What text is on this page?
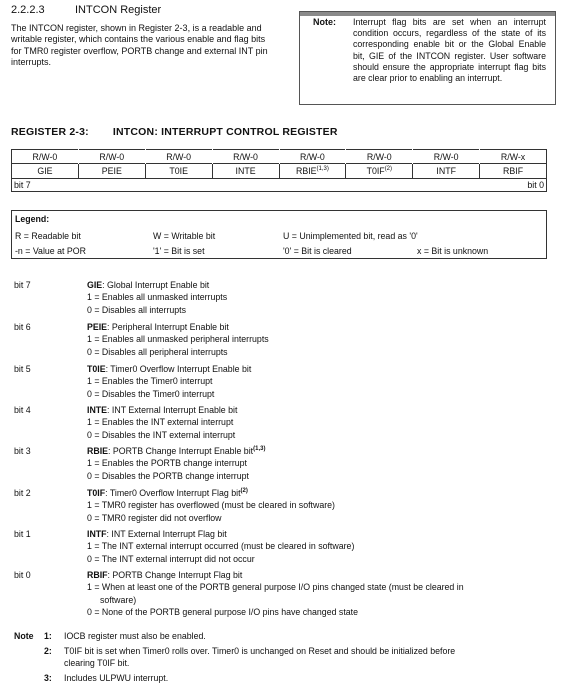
2.2.2.3	INTCON Register
The INTCON register, shown in Register 2-3, is a readable and writable register, which contains the various enable and flag bits for TMR0 register overflow, PORTB change and external INT pin interrupts.
Note: Interrupt flag bits are set when an interrupt condition occurs, regardless of the state of its corresponding enable bit or the Global Enable bit, GIE of the INTCON register. User software should ensure the appropriate interrupt flag bits are clear prior to enabling an interrupt.
REGISTER 2-3: INTCON: INTERRUPT CONTROL REGISTER
R/W-0	R/W-0	R/W-0	R/W-0	R/W-0	R/W-0	R/W-0	R/W-x
GIE	PEIE	T0IE	INTE	RBIE$^{(1,3)}$	T0IF$^{(2)}$	INTF	RBIF

bit 7 bit 0							
Legend:
R = Readable bit	W = Writable bit	U = Unimplemented bit, read as '0'
-n = Value at POR	'1' = Bit is set	'0' = Bit is cleared	x = Bit is unknown
bit 7	GIE: Global Interrupt Enable bit
1 = Enables all unmasked interrupts
0 = Disables all interrupts
bit 6	PEIE: Peripheral Interrupt Enable bit
1 = Enables all unmasked peripheral interrupts
0 = Disables all peripheral interrupts
bit 5	T0IE: Timer0 Overflow Interrupt Enable bit
1 = Enables the Timer0 interrupt
0 = Disables the Timer0 interrupt
bit 4	INTE: INT External Interrupt Enable bit
1 = Enables the INT external interrupt
0 = Disables the INT external interrupt
bit 3	RBIE: PORTB Change Interrupt Enable bit$^{(1,3)}$
1 = Enables the PORTB change interrupt
0 = Disables the PORTB change interrupt
bit 2	T0IF: Timer0 Overflow Interrupt Flag bit$^{(2)}$
1 = TMR0 register has overflowed (must be cleared in software)
0 = TMR0 register did not overflow
bit 1	INTF: INT External Interrupt Flag bit
1 = The INT external interrupt occurred (must be cleared in software)
0 = The INT external interrupt did not occur
bit 0	RBIF: PORTB Change Interrupt Flag bit
1 = When at least one of the PORTB general purpose I/O pins changed state (must be cleared in
software)
0 = None of the PORTB general purpose I/O pins have changed state
Note 1: IOCB register must also be enabled.
2: T0IF bit is set when Timer0 rolls over. Timer0 is unchanged on Reset and should be initialized before
clearing T0IF bit.
3: Includes ULPWU interrupt.
